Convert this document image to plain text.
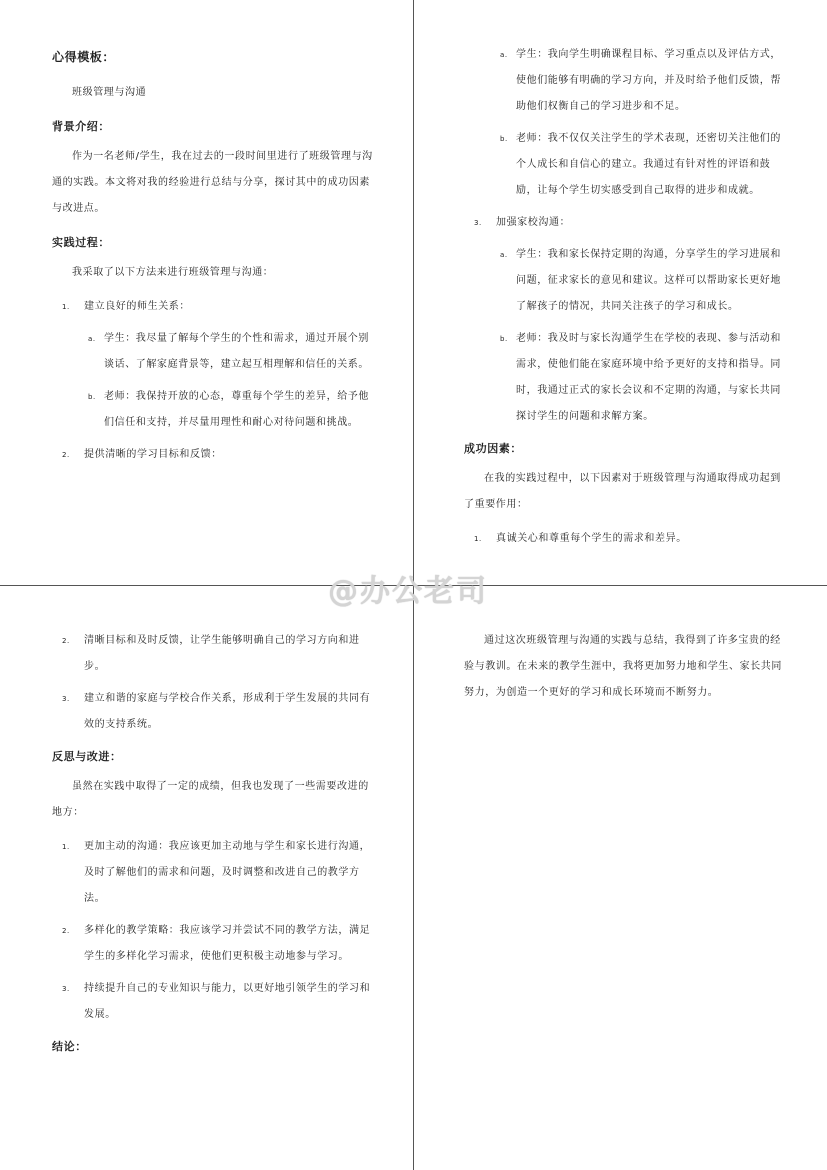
心得模板：
班级管理与沟通
背景介绍：
作为一名老师/学生，我在过去的一段时间里进行了班级管理与沟通的实践。本文将对我的经验进行总结与分享，探讨其中的成功因素与改进点。
实践过程：
我采取了以下方法来进行班级管理与沟通：
1. 建立良好的师生关系：
a. 学生：我尽量了解每个学生的个性和需求，通过开展个别谈话、了解家庭背景等，建立起互相理解和信任的关系。
b. 老师：我保持开放的心态，尊重每个学生的差异，给予他们信任和支持，并尽量用理性和耐心对待问题和挑战。
2. 提供清晰的学习目标和反馈：
a. 学生：我向学生明确课程目标、学习重点以及评估方式，使他们能够有明确的学习方向，并及时给予他们反馈，帮助他们权衡自己的学习进步和不足。
b. 老师：我不仅仅关注学生的学术表现，还密切关注他们的个人成长和自信心的建立。我通过有针对性的评语和鼓励，让每个学生切实感受到自己取得的进步和成就。
3. 加强家校沟通：
a. 学生：我和家长保持定期的沟通，分享学生的学习进展和问题，征求家长的意见和建议。这样可以帮助家长更好地了解孩子的情况，共同关注孩子的学习和成长。
b. 老师：我及时与家长沟通学生在学校的表现、参与活动和需求，使他们能在家庭环境中给予更好的支持和指导。同时，我通过正式的家长会议和不定期的沟通，与家长共同探讨学生的问题和求解方案。
成功因素：
在我的实践过程中，以下因素对于班级管理与沟通取得成功起到了重要作用：
1. 真诚关心和尊重每个学生的需求和差异。
2. 清晰目标和及时反馈，让学生能够明确自己的学习方向和进步。
3. 建立和谐的家庭与学校合作关系，形成利于学生发展的共同有效的支持系统。
反思与改进：
虽然在实践中取得了一定的成绩，但我也发现了一些需要改进的地方：
1. 更加主动的沟通：我应该更加主动地与学生和家长进行沟通，及时了解他们的需求和问题，及时调整和改进自己的教学方法。
2. 多样化的教学策略：我应该学习并尝试不同的教学方法，满足学生的多样化学习需求，使他们更积极主动地参与学习。
3. 持续提升自己的专业知识与能力，以更好地引领学生的学习和发展。
结论：
通过这次班级管理与沟通的实践与总结，我得到了许多宝贵的经验与教训。在未来的教学生涯中，我将更加努力地和学生、家长共同努力，为创造一个更好的学习和成长环境而不断努力。
@办公老司
